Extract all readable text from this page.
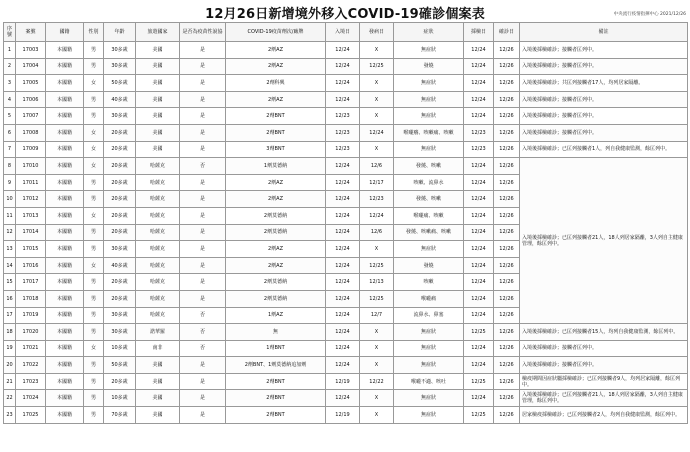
12月26日新增境外移入COVID-19確診個案表	中央流行疫情指揮中心 2021/12/26
序號	案號	國籍	性別	年齡	旅遊國家	是否為疫苗性說協	COVID-19疫苗劑次/廠牌	入境日	發病日	症狀	採檢日	確診日	備註
1	17003	本國籍	男	30多歲	美國	是	2劑AZ	12/24	X	無症狀	12/24	12/26	入境後採檢確診；接觸者匡列中。
2	17004	本國籍	男	30多歲	美國	是	2劑AZ	12/24	12/25	發燒	12/24	12/26	入境後採檢確診；接觸者匡列中。
3	17005	本國籍	女	50多歲	美國	是	2劑科興	12/24	X	無症狀	12/24	12/26	入境後採檢確診；共匡列接觸者17人，均列居家隔離。
4	17006	本國籍	男	40多歲	美國	是	2劑AZ	12/24	X	無症狀	12/24	12/26	入境後採檢確診；接觸者匡列中。
5	17007	本國籍	男	30多歲	美國	是	2劑BNT	12/23	X	無症狀	12/24	12/26	入境後採檢確診；接觸者匡列中。
6	17008	本國籍	女	20多歲	美國	是	2劑BNT	12/23	12/24	喉嚨癢、咳嗽痛、咳嗽	12/23	12/26	入境後採檢確診；接觸者匡列中。
7	17009	本國籍	女	20多歲	美國	是	3劑BNT	12/23	X	無症狀	12/23	12/26	入境後採檢確診；已匡列接觸者1人，列自我健康監測，餘匡列中。
8	17010	本國籍	女	20多歲	哈薩克	否	1劑莫德納	12/24	12/6	發燒、咳嗽	12/24	12/26	入境後採檢確診；已匡列接觸者21人，18人列居家隔離，3人列自主健康管理，餘匡列中。
9	17011	本國籍	男	20多歲	哈薩克	是	2劑AZ	12/24	12/17	咳嗽、流鼻水	12/24	12/26	
10	17012	本國籍	男	20多歲	哈薩克	是	2劑AZ	12/24	12/23	發燒、咳嗽	12/24	12/26	
11	17013	本國籍	女	20多歲	哈薩克	是	2劑莫德納	12/24	12/24	喉嚨痛、咳嗽	12/24	12/26	
12	17014	本國籍	男	20多歲	哈薩克	是	2劑莫德納	12/24	12/6	發燒、咳嗽痛、咳嗽	12/24	12/26	
13	17015	本國籍	男	30多歲	哈薩克	是	2劑AZ	12/24	X	無症狀	12/24	12/26	
14	17016	本國籍	女	40多歲	哈薩克	是	2劑AZ	12/24	12/25	發燒	12/24	12/26	
15	17017	本國籍	男	20多歲	哈薩克	是	2劑莫德納	12/24	12/13	咳嗽	12/24	12/26	
16	17018	本國籍	男	20多歲	哈薩克	是	2劑莫德納	12/24	12/25	喉嚨痛	12/24	12/26	
17	17019	本國籍	男	30多歲	哈薩克	否	1劑AZ	12/24	12/7	流鼻水、鼻塞	12/24	12/26	
18	17020	本國籍	男	30多歲	諾華羅	否	無	12/24	X	無症狀	12/25	12/26	入境後採檢確診；已匡列接觸者15人，均列自我健康監測，餘匡列中。
19	17021	本國籍	女	10多歲	南非	否	1劑BNT	12/24	X	無症狀	12/24	12/26	入境後採檢確診；接觸者匡列中。
20	17022	本國籍	男	50多歲	美國	是	2劑BNT、1劑莫德納追加劑	12/24	X	無症狀	12/24	12/26	入境後採檢確診；接觸者匡列中。
21	17023	本國籍	男	20多歲	美國	是	2劑BNT	12/19	12/22	喉嚨不適、咳吐	12/25	12/26	檢疫期間因症狀屬採檢確診；已匡列接觸者9人，均列居家隔離，餘匡列中。
22	17024	本國籍	男	10多歲	美國	是	2劑BNT	12/24	X	無症狀	12/24	12/26	入境後採檢確診；已匡列接觸者21人，18人列居家隔離，3人列自主健康管理，餘匡列中。
23	17025	本國籍	男	70多歲	美國	是	2劑BNT	12/19	X	無症狀	12/25	12/26	居家檢疫採檢確診；已匡列接觸者2人，均列自我健康監測，餘匡列中。
